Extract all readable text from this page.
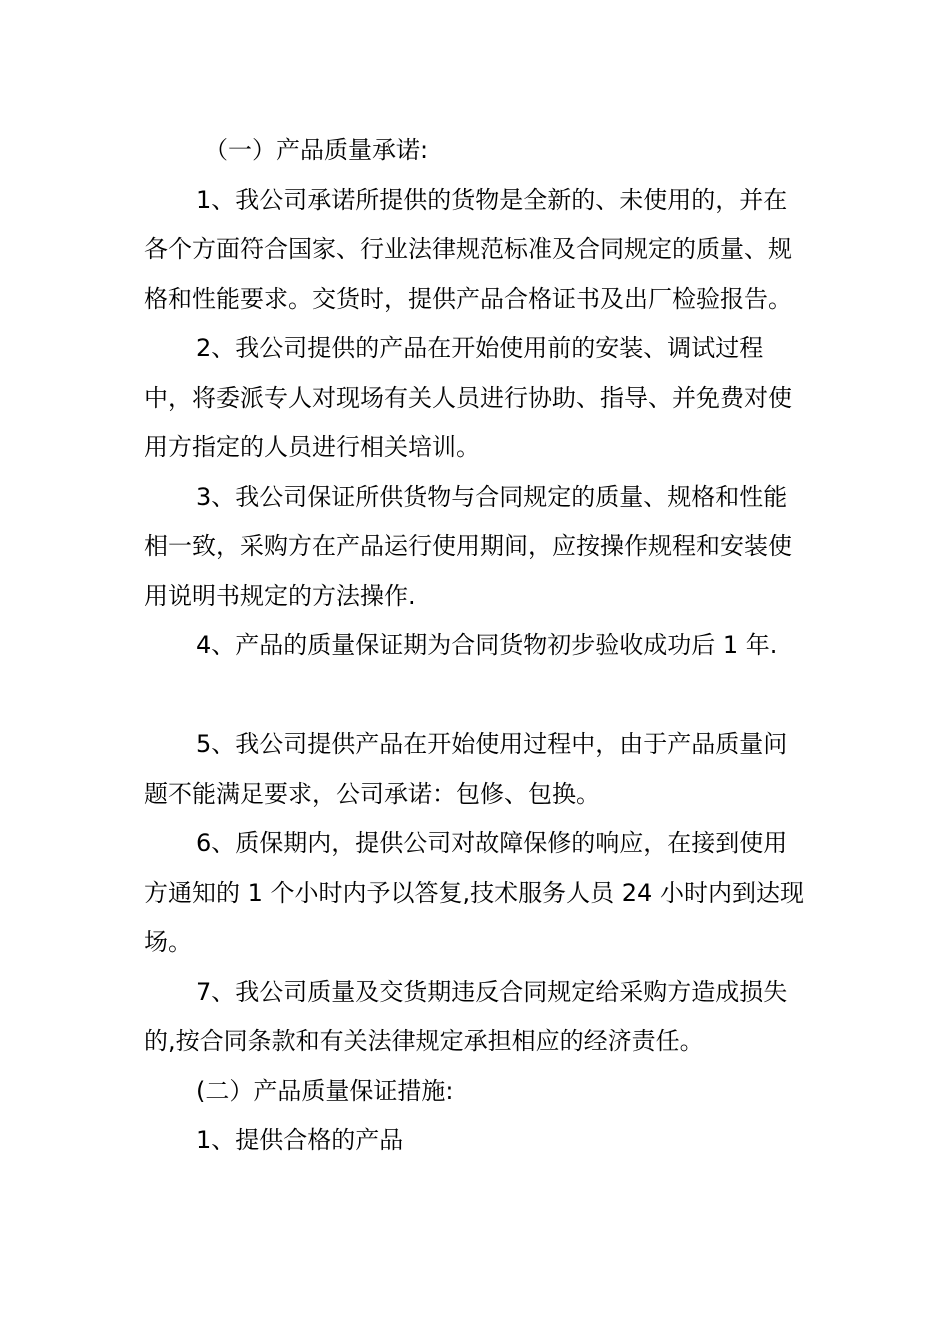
（一）产品质量承诺:

1、我公司承诺所提供的货物是全新的、未使用的，并在各个方面符合国家、行业法律规范标准及合同规定的质量、规格和性能要求。交货时，提供产品合格证书及出厂检验报告。

2、我公司提供的产品在开始使用前的安装、调试过程中，将委派专人对现场有关人员进行协助、指导、并免费对使用方指定的人员进行相关培训。

3、我公司保证所供货物与合同规定的质量、规格和性能相一致，采购方在产品运行使用期间，应按操作规程和安装使用说明书规定的方法操作.

4、产品的质量保证期为合同货物初步验收成功后 1 年.

5、我公司提供产品在开始使用过程中，由于产品质量问题不能满足要求，公司承诺：包修、包换。

6、质保期内，提供公司对故障保修的响应，在接到使用方通知的 1 个小时内予以答复,技术服务人员 24 小时内到达现场。

7、我公司质量及交货期违反合同规定给采购方造成损失的,按合同条款和有关法律规定承担相应的经济责任。

(二）产品质量保证措施:

1、提供合格的产品
